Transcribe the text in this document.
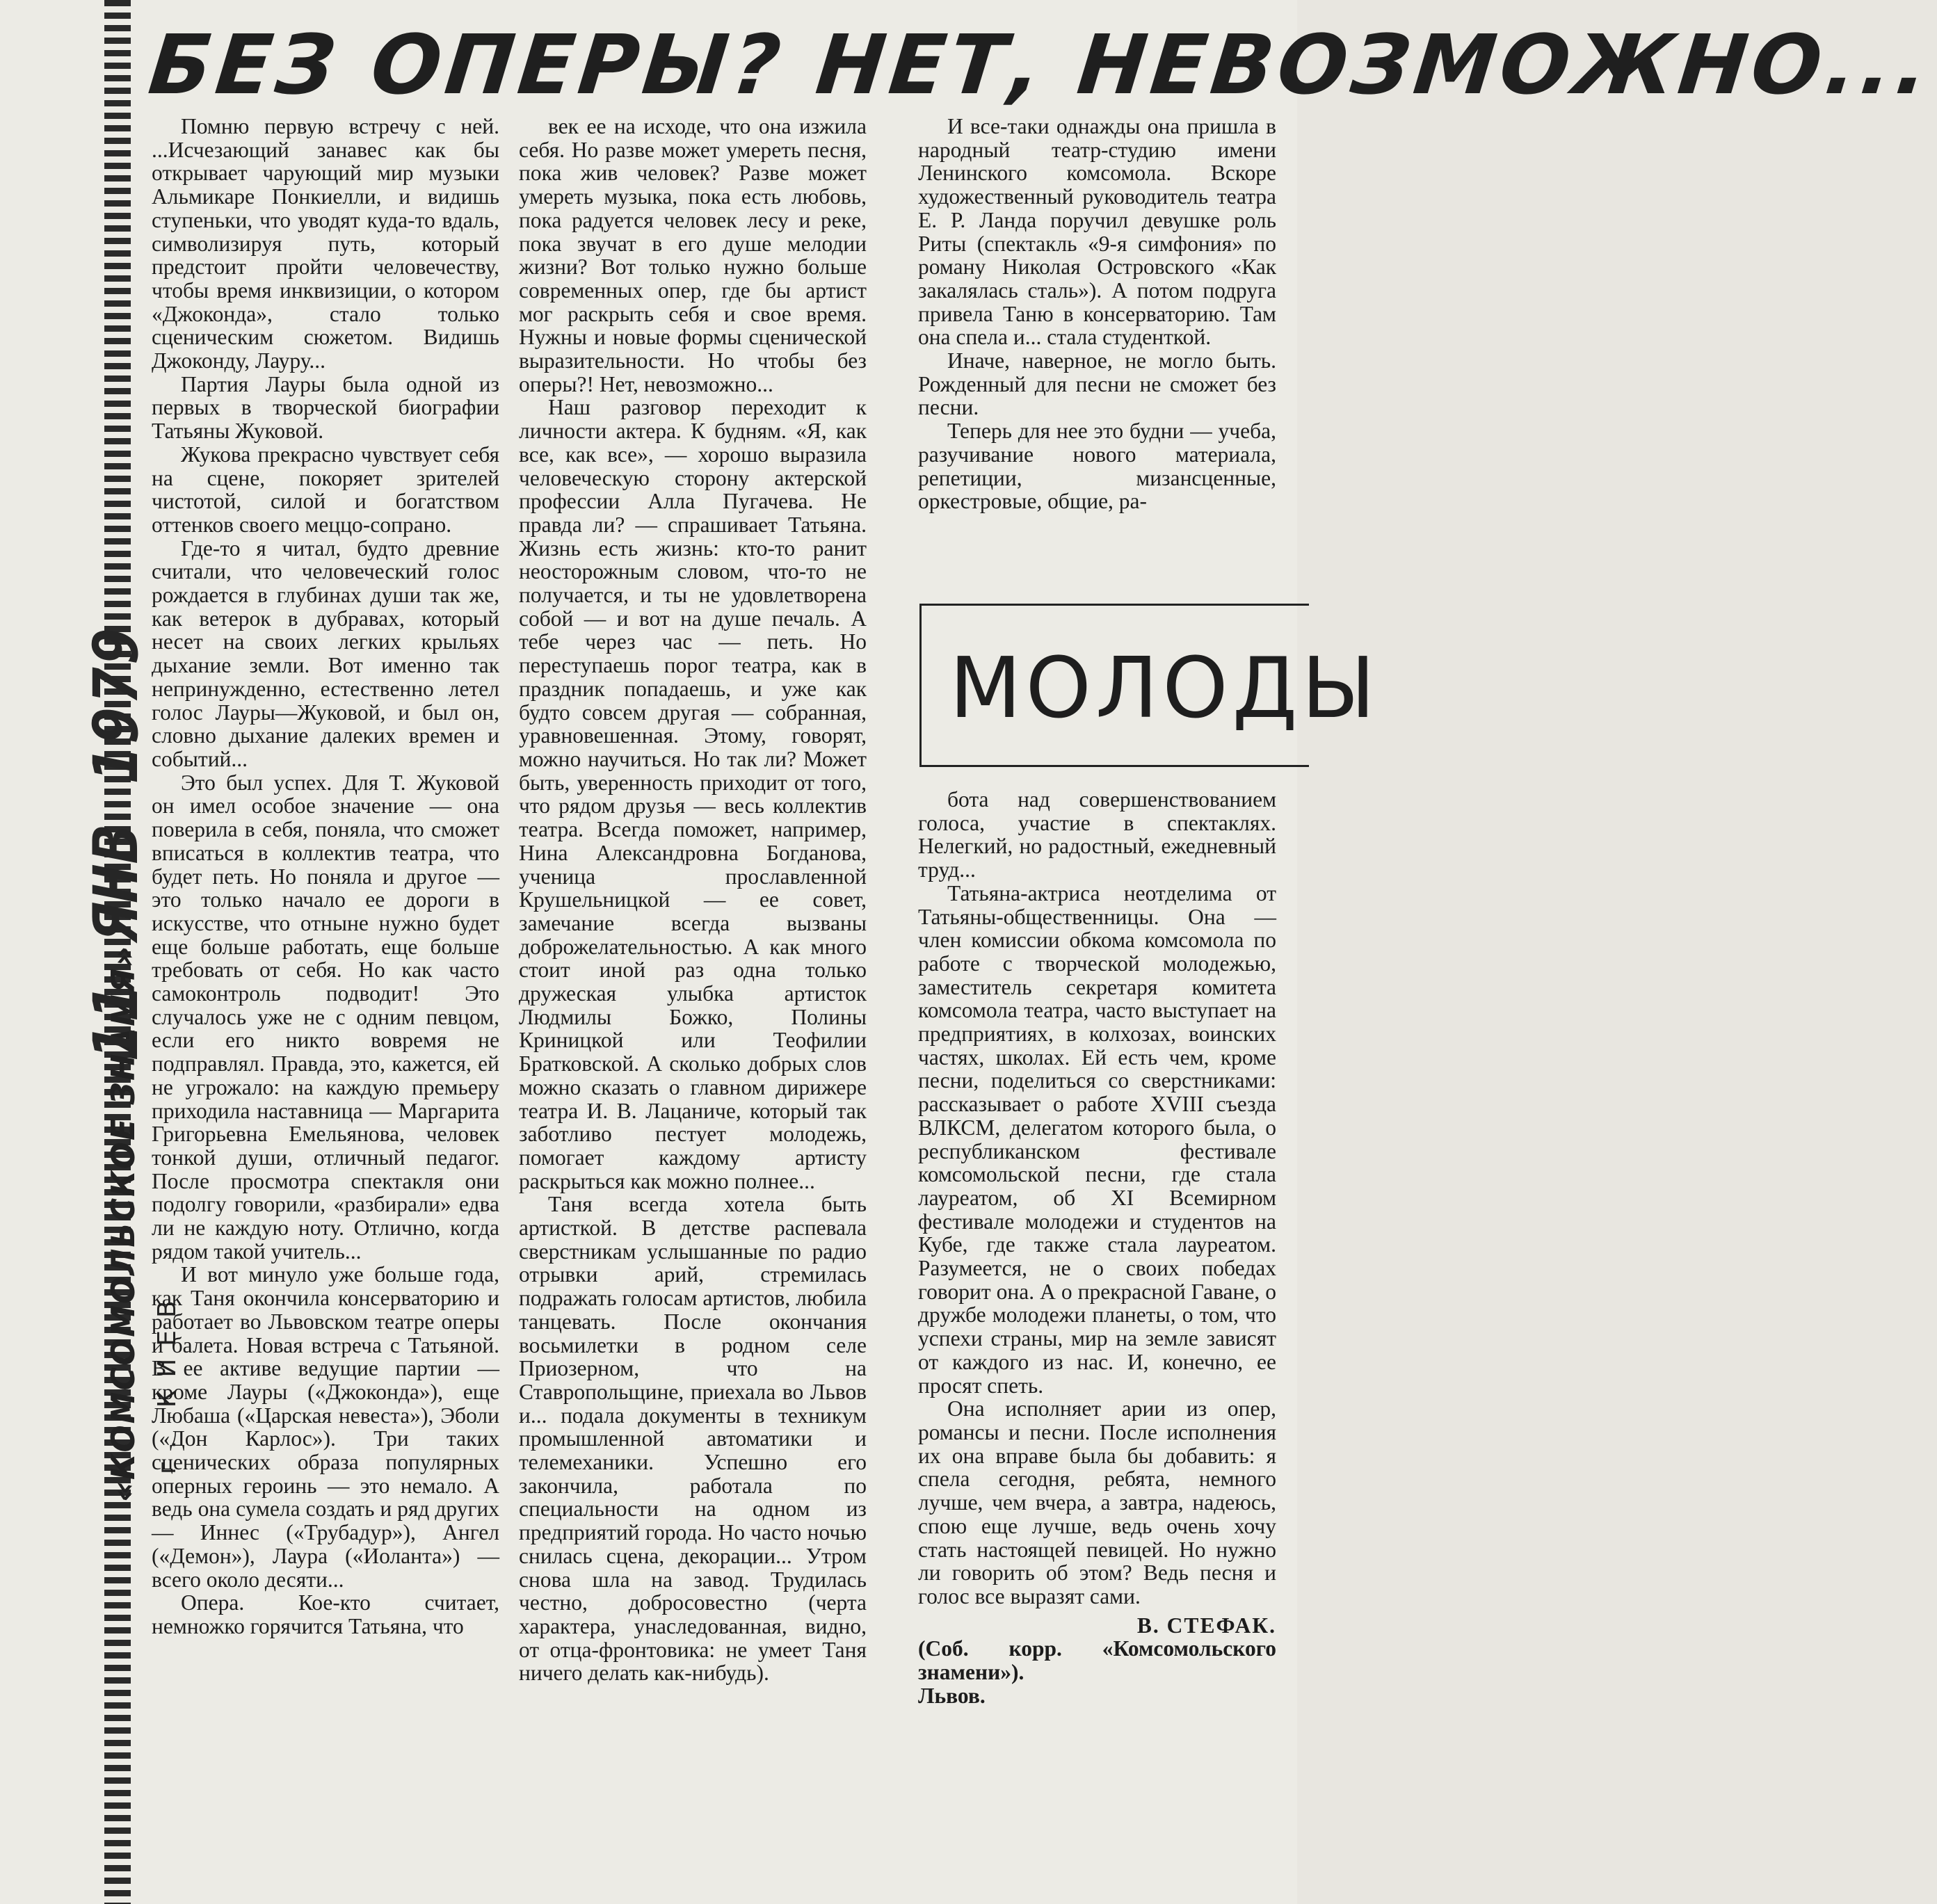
«КОМСОМОЛЬСКОЕ ЗНАМЯ» г. КИЕВ
11 ЯНВ 1979
БЕЗ ОПЕРЫ? НЕТ, НЕВОЗМОЖНО...

Помню первую встречу с ней. ...Исчезающий занавес как бы открывает чарующий мир музыки Альмикаре Понкиелли, и видишь ступеньки, что уводят куда-то вдаль, символизируя путь, который предстоит пройти человечеству, чтобы время инквизиции, о котором «Джоконда», стало только сценическим сюжетом. Видишь Джоконду, Лауру...

Партия Лауры была одной из первых в творческой биографии Татьяны Жуковой.

Жукова прекрасно чувствует себя на сцене, покоряет зрителей чистотой, силой и богатством оттенков своего меццо-сопрано.

Где-то я читал, будто древние считали, что человеческий голос рождается в глубинах души так же, как ветерок в дубравах, который несет на своих легких крыльях дыхание земли. Вот именно так непринужденно, естественно летел голос Лауры—Жуковой, и был он, словно дыхание далеких времен и событий...

Это был успех. Для Т. Жуковой он имел особое значение — она поверила в себя, поняла, что сможет вписаться в коллектив театра, что будет петь. Но поняла и другое — это только начало ее дороги в искусстве, что отныне нужно будет еще больше работать, еще больше требовать от себя. Но как часто самоконтроль подводит! Это случалось уже не с одним певцом, если его никто вовремя не подправлял. Правда, это, кажется, ей не угрожало: на каждую премьеру приходила наставница — Маргарита Григорьевна Емельянова, человек тонкой души, отличный педагог. После просмотра спектакля они подолгу говорили, «разбирали» едва ли не каждую ноту. Отлично, когда рядом такой учитель...

И вот минуло уже больше года, как Таня окончила консерваторию и работает во Львовском театре оперы и балета. Новая встреча с Татьяной. В ее активе ведущие партии — кроме Лауры («Джоконда»), еще Любаша («Царская невеста»), Эболи («Дон Карлос»). Три таких сценических образа популярных оперных героинь — это немало. А ведь она сумела создать и ряд других — Иннес («Трубадур»), Ангел («Демон»), Лаура («Иоланта») — всего около десяти...

Опера. Кое-кто считает, немножко горячится Татьяна, что

век ее на исходе, что она изжила себя. Но разве может умереть песня, пока жив человек? Разве может умереть музыка, пока есть любовь, пока радуется человек лесу и реке, пока звучат в его душе мелодии жизни? Вот только нужно больше современных опер, где бы артист мог раскрыть себя и свое время. Нужны и новые формы сценической выразительности. Но чтобы без оперы?! Нет, невозможно...

Наш разговор переходит к личности актера. К будням. «Я, как все, как все», — хорошо выразила человеческую сторону актерской профессии Алла Пугачева. Не правда ли? — спрашивает Татьяна. Жизнь есть жизнь: кто-то ранит неосторожным словом, что-то не получается, и ты не удовлетворена собой — и вот на душе печаль. А тебе через час — петь. Но переступаешь порог театра, как в праздник попадаешь, и уже как будто совсем другая — собранная, уравновешенная. Этому, говорят, можно научиться. Но так ли? Может быть, уверенность приходит от того, что рядом друзья — весь коллектив театра. Всегда поможет, например, Нина Александровна Богданова, ученица прославленной Крушельницкой — ее совет, замечание всегда вызваны доброжелательностью. А как много стоит иной раз одна только дружеская улыбка артисток Людмилы Божко, Полины Криницкой или Теофилии Братковской. А сколько добрых слов можно сказать о главном дирижере театра И. В. Лацаниче, который так заботливо пестует молодежь, помогает каждому артисту раскрыться как можно полнее...

Таня всегда хотела быть артисткой. В детстве распевала сверстникам услышанные по радио отрывки арий, стремилась подражать голосам артистов, любила танцевать. После окончания восьмилетки в родном селе Приозерном, что на Ставропольщине, приехала во Львов и... подала документы в техникум промышленной автоматики и телемеханики. Успешно его закончила, работала по специальности на одном из предприятий города. Но часто ночью снилась сцена, декорации... Утром снова шла на завод. Трудилась честно, добросовестно (черта характера, унаследованная, видно, от отца-фронтовика: не умеет Таня ничего делать как-нибудь).

И все-таки однажды она пришла в народный театр-студию имени Ленинского комсомола. Вскоре художественный руководитель театра Е. Р. Ланда поручил девушке роль Риты (спектакль «9-я симфония» по роману Николая Островского «Как закалялась сталь»). А потом подруга привела Таню в консерваторию. Там она спела и... стала студенткой.

Иначе, наверное, не могло быть. Рожденный для песни не сможет без песни.

Теперь для нее это будни — учеба, разучивание нового материала, репетиции, мизансценные, оркестровые, общие, ра-

МОЛОДЫ

бота над совершенствованием голоса, участие в спектаклях. Нелегкий, но радостный, ежедневный труд...

Татьяна-актриса неотделима от Татьяны-общественницы. Она — член комиссии обкома комсомола по работе с творческой молодежью, заместитель секретаря комитета комсомола театра, часто выступает на предприятиях, в колхозах, воинских частях, школах. Ей есть чем, кроме песни, поделиться со сверстниками: рассказывает о работе XVIII съезда ВЛКСМ, делегатом которого была, о республиканском фестивале комсомольской песни, где стала лауреатом, об XI Всемирном фестивале молодежи и студентов на Кубе, где также стала лауреатом. Разумеется, не о своих победах говорит она. А о прекрасной Гаване, о дружбе молодежи планеты, о том, что успехи страны, мир на земле зависят от каждого из нас. И, конечно, ее просят спеть.

Она исполняет арии из опер, романсы и песни. После исполнения их она вправе была бы добавить: я спела сегодня, ребята, немного лучше, чем вчера, а завтра, надеюсь, спою еще лучше, ведь очень хочу стать настоящей певицей. Но нужно ли говорить об этом? Ведь песня и голос все выразят сами.

В. СТЕФАК.

(Соб. корр. «Комсомольского знамени»).

Львов.
